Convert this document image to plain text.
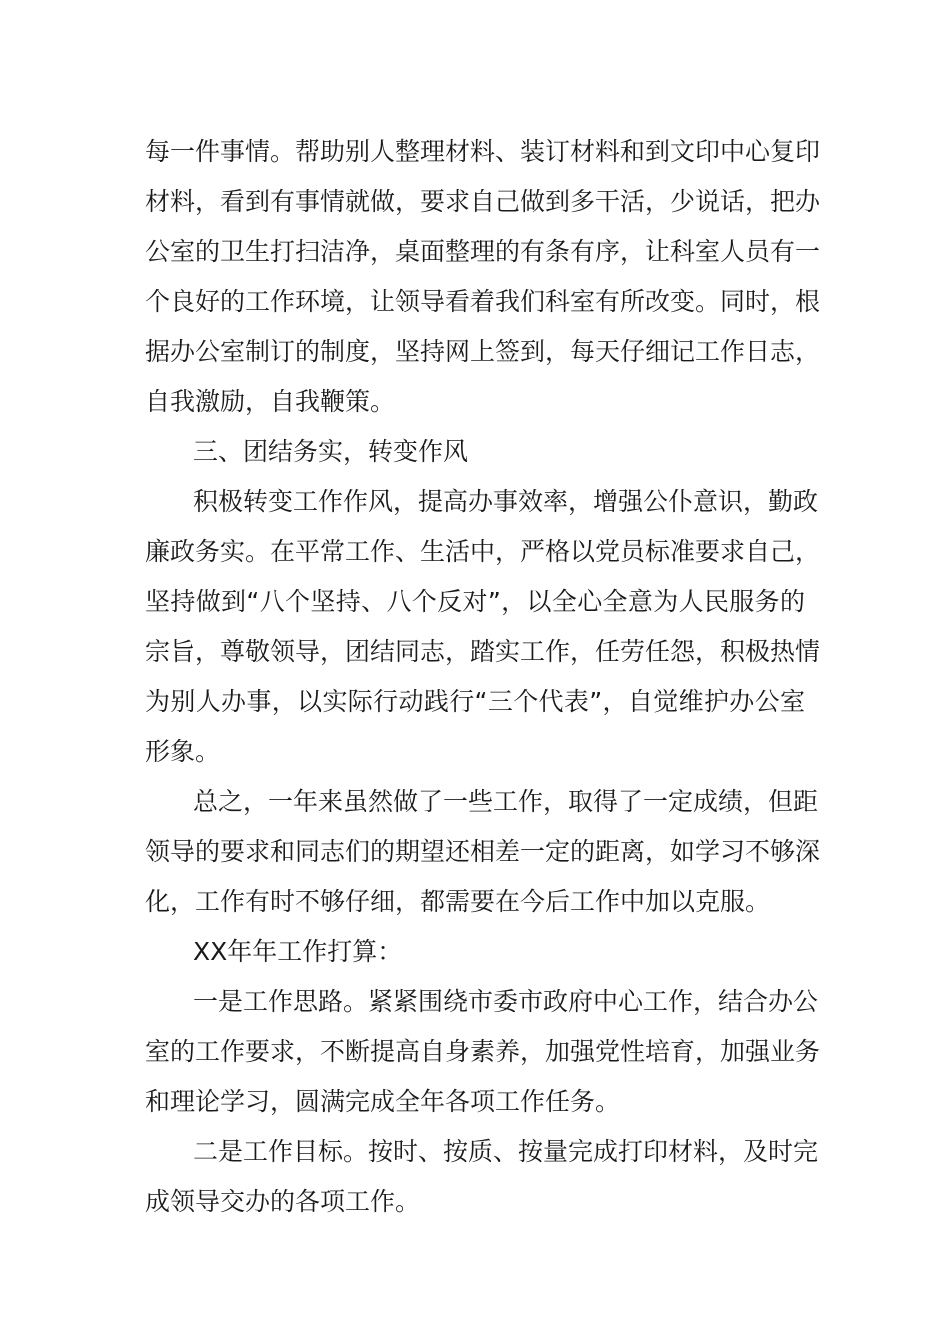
每一件事情。帮助别人整理材料、装订材料和到文印中心复印
材料，看到有事情就做，要求自己做到多干活，少说话，把办
公室的卫生打扫洁净，桌面整理的有条有序，让科室人员有一
个良好的工作环境，让领导看着我们科室有所改变。同时，根
据办公室制订的制度，坚持网上签到，每天仔细记工作日志，
自我激励，自我鞭策。
三、团结务实，转变作风
积极转变工作作风，提高办事效率，增强公仆意识，勤政
廉政务实。在平常工作、生活中，严格以党员标准要求自己，
坚持做到“八个坚持、八个反对”，以全心全意为人民服务的
宗旨，尊敬领导，团结同志，踏实工作，任劳任怨，积极热情
为别人办事，以实际行动践行“三个代表”，自觉维护办公室
形象。
总之，一年来虽然做了一些工作，取得了一定成绩，但距
领导的要求和同志们的期望还相差一定的距离，如学习不够深
化，工作有时不够仔细，都需要在今后工作中加以克服。
XX年年工作打算：
一是工作思路。紧紧围绕市委市政府中心工作，结合办公
室的工作要求，不断提高自身素养，加强党性培育，加强业务
和理论学习，圆满完成全年各项工作任务。
二是工作目标。按时、按质、按量完成打印材料，及时完
成领导交办的各项工作。
